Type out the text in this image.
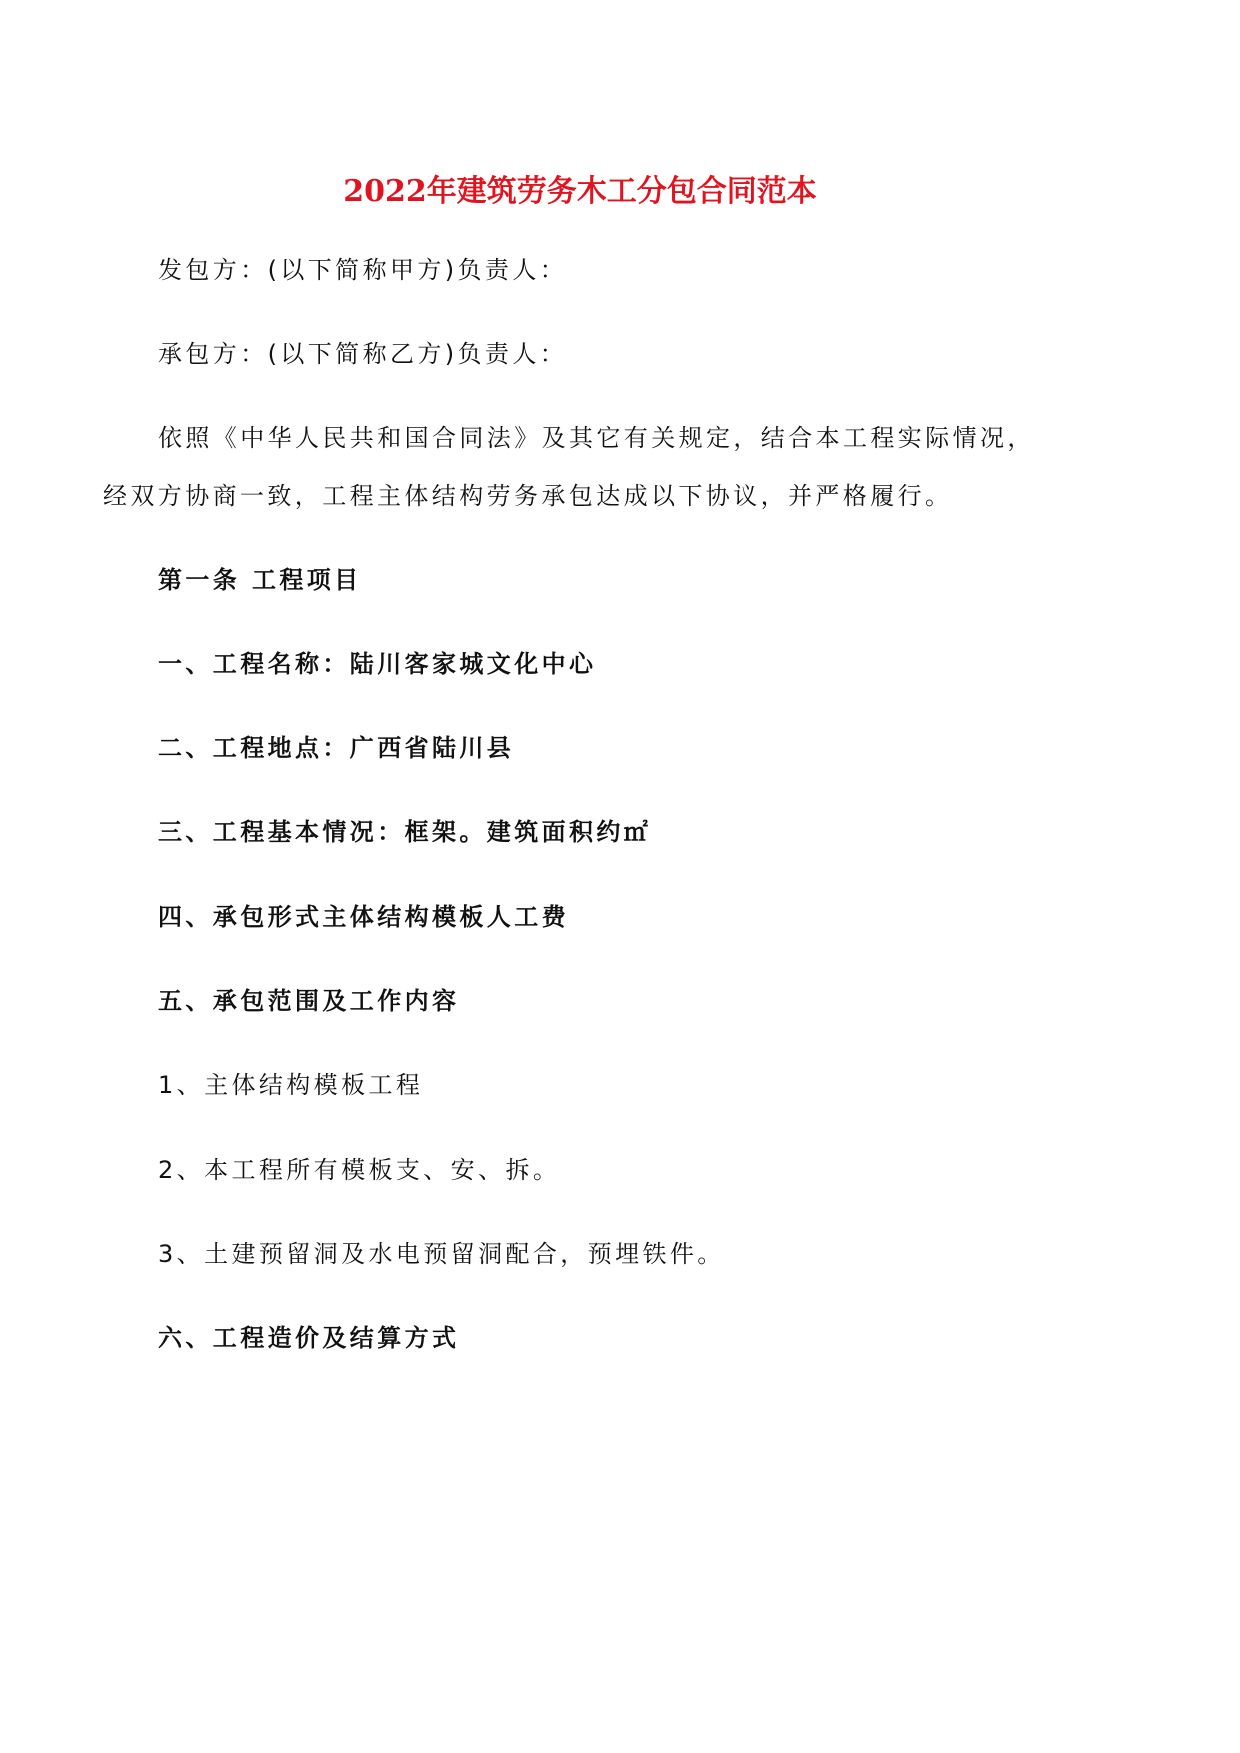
2022年建筑劳务木工分包合同范本
发包方：(以下简称甲方)负责人：
承包方：(以下简称乙方)负责人：
依照《中华人民共和国合同法》及其它有关规定，结合本工程实际情况，
经双方协商一致，工程主体结构劳务承包达成以下协议，并严格履行。
第一条 工程项目
一、工程名称：陆川客家城文化中心
二、工程地点：广西省陆川县
三、工程基本情况：框架。建筑面积约㎡
四、承包形式主体结构模板人工费
五、承包范围及工作内容
1、主体结构模板工程
2、本工程所有模板支、安、拆。
3、土建预留洞及水电预留洞配合，预埋铁件。
六、工程造价及结算方式
